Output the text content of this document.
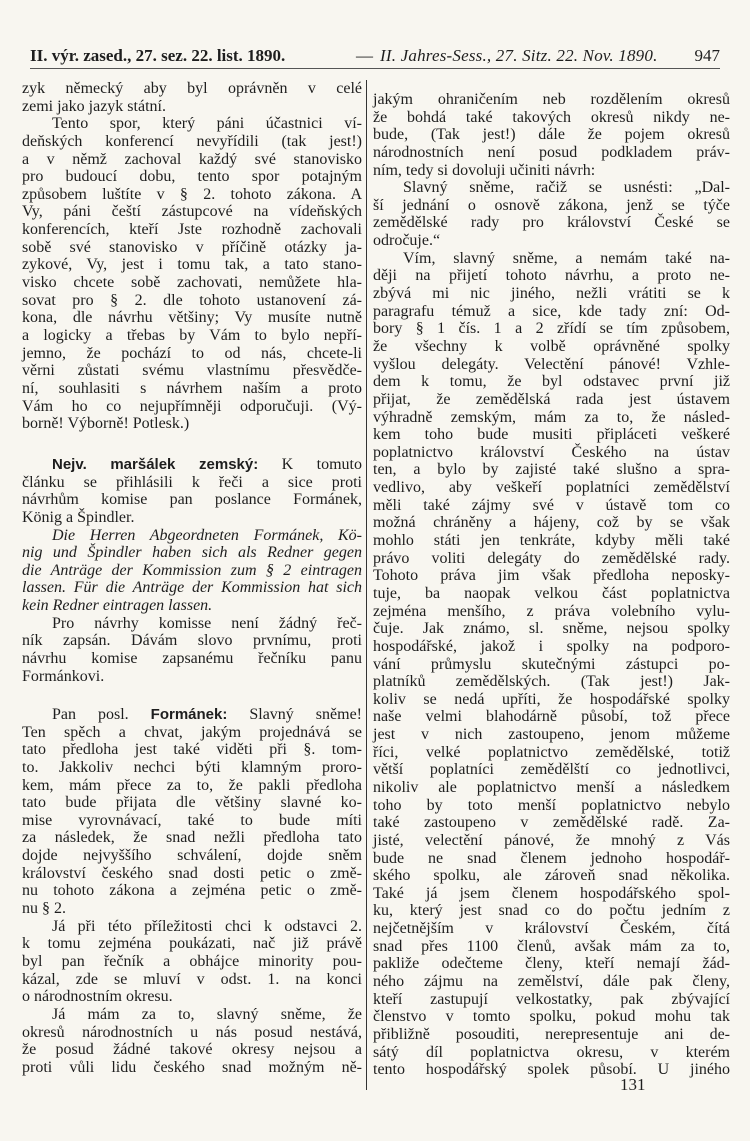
II. výr. zased., 27. sez. 22. list. 1890.	— II. Jahres-Sess., 27. Sitz. 22. Nov. 1890. 947
zyk německý aby byl oprávněn v celé
zemi jako jazyk státní.
Tento spor, který páni účastnici ví-
deňských konferencí nevyřídili (tak jest!)
a v němž zachoval každý své stanovisko
pro budoucí dobu, tento spor potajným
způsobem luštíte v § 2. tohoto zákona. A
Vy, páni čeští zástupcové na vídeňských
konferencích, kteří Jste rozhodně zachovali
sobě své stanovisko v příčině otázky ja-
zykové, Vy, jest i tomu tak, a tato stano-
visko chcete sobě zachovati, nemůžete hla-
sovat pro § 2. dle tohoto ustanovení zá-
kona, dle návrhu většiny; Vy musíte nutně
a logicky a třebas by Vám to bylo nepří-
jemno, že pochází to od nás, chcete-li
věrni zůstati svému vlastnímu přesvědče-
ní, souhlasiti s návrhem naším a proto
Vám ho co nejupřímněji odporučuji. (Vý-
borně! Výborně! Potlesk.)
Nejv. maršálek zemský: K tomuto
článku se přihlásili k řeči a sice proti
návrhům komise pan poslance Formánek,
König a Špindler.
Die Herren Abgeordneten Formánek, Kö-
nig und Špindler haben sich als Redner gegen
die Anträge der Kommission zum § 2 eintragen
lassen. Für die Anträge der Kommission hat sich
kein Redner eintragen lassen.
Pro návrhy komisse není žádný řeč-
ník zapsán. Dávám slovo prvnímu, proti
návrhu komise zapsanému řečníku panu
Formánkovi.
Pan posl. Formánek: Slavný sněme!
Ten spěch a chvat, jakým projednává se
tato předloha jest také viděti při §. tom-
to. Jakkoliv nechci býti klamným proro-
kem, mám přece za to, že pakli předloha
tato bude přijata dle většiny slavné ko-
mise vyrovnávací, také to bude míti
za následek, že snad nežli předloha tato
dojde nejvyššího schválení, dojde sněm
království českého snad dosti petic o změ-
nu tohoto zákona a zejména petic o změ-
nu § 2.
Já při této příležitosti chci k odstavci 2.
k tomu zejména poukázati, nač již právě
byl pan řečník a obhájce minority pou-
kázal, zde se mluví v odst. 1. na konci
o národnostním okresu.
Já mám za to, slavný sněme, že
okresů národnostních u nás posud nestává,
že posud žádné takové okresy nejsou a
proti vůli lidu českého snad možným ně-
jakým ohraničením neb rozdělením okresů
že bohdá také takových okresů nikdy ne-
bude, (Tak jest!) dále že pojem okresů
národnostních není posud podkladem práv-
ním, tedy si dovoluji učiniti návrh:
Slavný sněme, račiž se usnésti: „Dal-
ší jednání o osnově zákona, jenž se týče
zemědělské rady pro království České se
odročuje.“
Vím, slavný sněme, a nemám také na-
ději na přijetí tohoto návrhu, a proto ne-
zbývá mi nic jiného, nežli vrátiti se k
paragrafu témuž a sice, kde tady zní: Od-
bory § 1 čís. 1 a 2 zřídí se tím způsobem,
že všechny k volbě oprávněné spolky
vyšlou delegáty. Velectění pánové! Vzhle-
dem k tomu, že byl odstavec první již
přijat, že zemědělská rada jest ústavem
výhradně zemským, mám za to, že násled-
kem toho bude musiti připláceti veškeré
poplatnictvo království Českého na ústav
ten, a bylo by zajisté také slušno a spra-
vedlivo, aby veškeří poplatníci zemědělství
měli také zájmy své v ústavě tom co
možná chráněny a hájeny, což by se však
mohlo státi jen tenkráte, kdyby měli také
právo voliti delegáty do zemědělské rady.
Tohoto práva jim však předloha neposky-
tuje, ba naopak velkou část poplatnictva
zejména menšího, z práva volebního vylu-
čuje. Jak známo, sl. sněme, nejsou spolky
hospodářské, jakož i spolky na podporo-
vání průmyslu skutečnými zástupci po-
platníků zemědělských. (Tak jest!) Jak-
koliv se nedá upříti, že hospodářské spolky
naše velmi blahodárně působí, tož přece
jest v nich zastoupeno, jenom můžeme
říci, velké poplatnictvo zemědělské, totiž
větší poplatníci zemědělští co jednotlivci,
nikoliv ale poplatnictvo menší a následkem
toho by toto menší poplatnictvo nebylo
také zastoupeno v zemědělské radě. Za-
jisté, velectění pánové, že mnohý z Vás
bude ne snad členem jednoho hospodář-
ského spolku, ale zároveň snad několika.
Také já jsem členem hospodářského spol-
ku, který jest snad co do počtu jedním z
nejčetnějším v království Českém, čítá
snad přes 1100 členů, avšak mám za to,
pakliže odečteme členy, kteří nemají žád-
ného zájmu na zemělství, dále pak členy,
kteří zastupují velkostatky, pak zbývající
členstvo v tomto spolku, pokud mohu tak
přibližně posouditi, nerepresentuje ani de-
sátý díl poplatnictva okresu, v kterém
tento hospodářský spolek působí. U jiného
131
